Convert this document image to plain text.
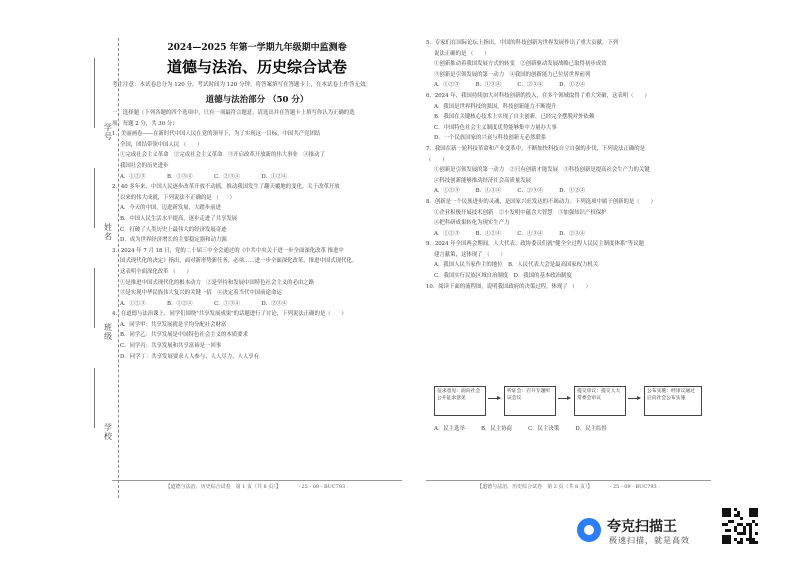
学号
姓名
班级
学校
2024—2025 年第一学期九年级期中监测卷
道德与法治、历史综合试卷
考生注意：本试卷总分为 120 分，考试时间为 120 分钟。将答案填写在答题卡上，在本试卷上作答无效。
道德与法治部分 （50 分）
一、选择题（下列各题的四个选项中，只有一项最符合题意。请选出并在答题卡上填写你认为正确的选
项。每题 2 分，共 30 分）
1．美丽画卷——在新时代中国人民在党的领导下，为了实现这一目标，中国共产党团结
全国，团结带领中国人民 （　　）
①完成社会主义革命　②完成社会主义革命　③开启改革开放新的伟大事业　④推动了
我国社会的历史进步
A．①②③　　　　B．①③④　　　　C．②③④　　　　D．①②④
2．40 多年来，中国人民逐步改革开放不动摇，推动我国发生了翻天覆地的变化。关于改革开放
以来的伟大成就，下列说法不正确的是 （　　）
A．今天的中国，迈进新发展，大踏步前进
B．中国人民生活水平提高，逐步走进了共享发展
C．打破了人类历史上最伟大的经济发展奇迹
D．成为世界经济增长的主要稳定器和动力源
3．2024 年 7 月 18 日，党的二十届三中全会通过的《中共中央关于进一步全面深化改革 推进中
国式现代化的决定》指出，面对新形势新任务，必须……进一步全面深化改革，推进中国式现代化。
这表明全面深化改革 （　　）
①是推进中国式现代化的根本动力　②是坚持和发展中国特色社会主义的必由之路
③是实现中华民族伟大复兴的关键一招　④决定着当代中国前途命运
A．①②③　　　　B．①②④　　　　C．①③④　　　　D．②③④
4．在道德与法治课上，同学们围绕"共享发展成果"的话题进行了讨论，下列说法正确的是（　　）
A．同学甲：共享发展就是平均分配社会财富
B．同学乙：共享发展是中国特色社会主义的本质要求
C．同学丙：共享发展和共享富裕是一回事
D．同学丁：共享发展要求人人参与、人人尽力、人人享有
【道德与法治、历史综合试卷　第 1 页（共 8 页）】　　　　· 25 - 09 - BUC793 ·
5．专家们在国际论坛上指出，中国的科技创新为世界发展作出了重大贡献。下列
说法正确的是 （　　）
①创新推动着我国发展方式的转变　②创新驱动发展战略已取得初步成效
③创新是引领发展的第一动力　④我国的创新能力已位居世界前列
A．①②③　　　B．①③④　　　C．②③④　　　D．①②④
6．2024 年，我国持续加大对科技创新的投入，在多个领域取得了重大突破，这表明（　　）
A．我国是世界科技的强国，科技创新能力不断提升
B．我国在关键核心技术上实现了自主创新，已经完全摆脱对外依赖
C．中国特色社会主义制度优势能够集中力量办大事
D．一个民族国家的兴衰与科技创新无必然联系
7．我国在新一轮科技革命和产业变革中，不断加快科技自立自强的步伐，下列说法正确的是
（　　）
①创新是引领发展的第一动力　②只有创新才能发展　③科技创新是提高社会生产力的关键
④科技创新能够推动经济社会高质量发展
A．①②③　　　B．①③④　　　C．②③④　　　D．①②④
8．创新是一个民族进步的灵魂，是国家兴旺发达的不竭动力。下列选项中属于创新的是（　　）
①企业积极开展技术创新　②小发明中蕴含大智慧　③加强知识产权保护
④把科研成果转化为现实生产力
A．①②③　　　B．①②④　　　C．①③④　　　D．②③④
9．2024 年全国两会期间，人大代表、政协委员们就"健全全过程人民民主制度体系"等议题
建言献策，这体现了 （　　）
A．我国人民当家作主的地位　B．人民代表大会是最高国家权力机关
C．我国实行民族区域自治制度　D．我国的基本政治制度
10．阅读下面的流程图，说明我国政府的决策过程，体现了 （　　）
征求意见：面向社会公开征求意见
听证会：召开专题听证会议
提交审议：提交人大常委会审议
公布实施：经审议通过后向社会公布实施
A．民主选举　　　B．民主协商　　　C．民主决策　　　D．民主监督
【道德与法治、历史综合试卷　第 2 页（共 8 页）】　　　　· 25 - 09 - BUC793 ·
夸克扫描王
极速扫描，就是高效
